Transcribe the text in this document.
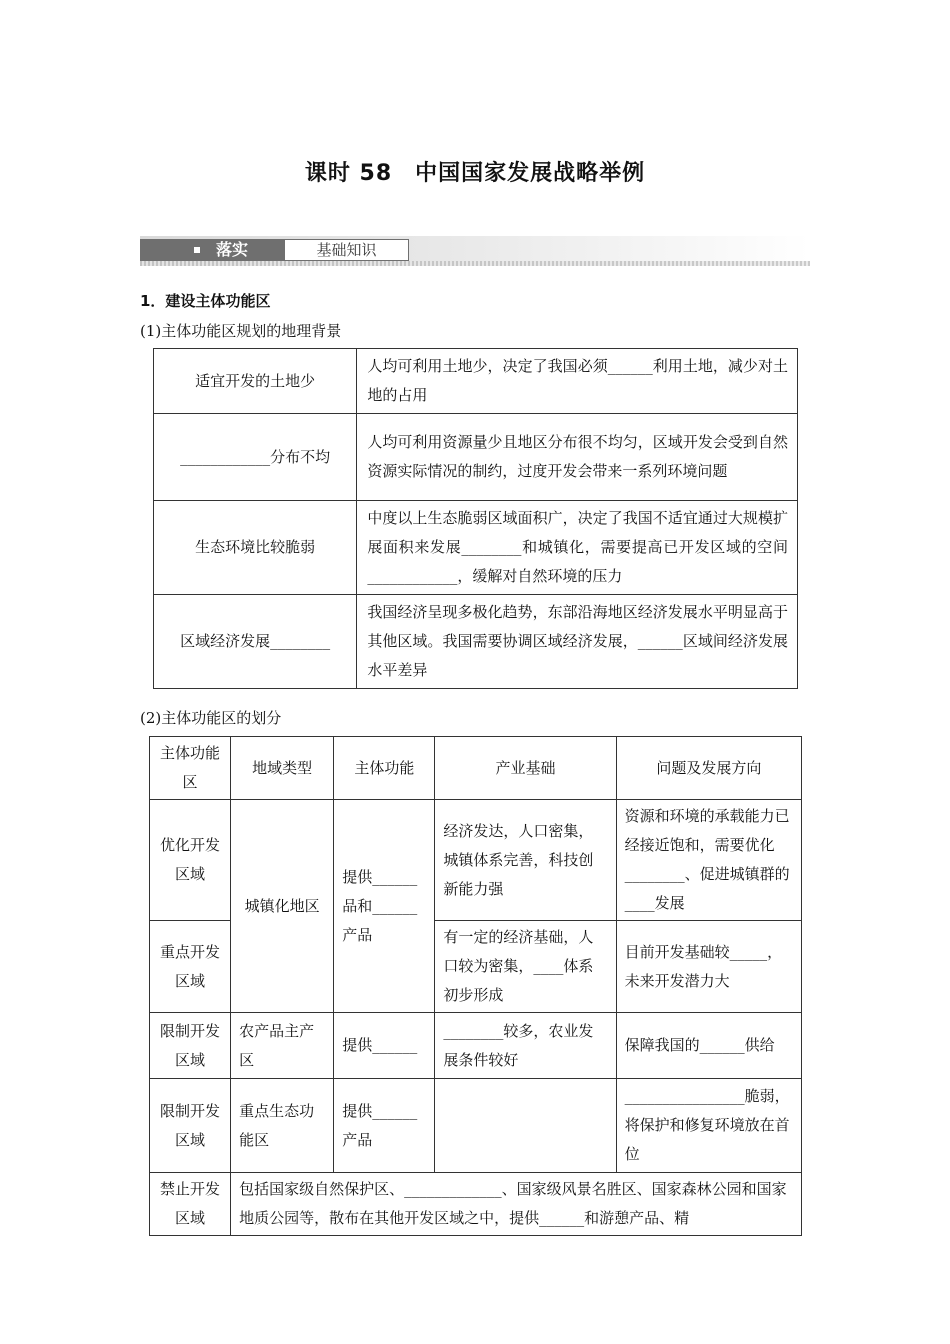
课时 58　中国国家发展战略举例
落实	基础知识
1．建设主体功能区
(1)主体功能区规划的地理背景
适宜开发的土地少	人均可利用土地少，决定了我国必须______利用土地，减少对土地的占用
____________分布不均	人均可利用资源量少且地区分布很不均匀，区域开发会受到自然资源实际情况的制约，过度开发会带来一系列环境问题
生态环境比较脆弱	中度以上生态脆弱区域面积广，决定了我国不适宜通过大规模扩展面积来发展________和城镇化，需要提高已开发区域的空间____________，缓解对自然环境的压力
区域经济发展________	我国经济呈现多极化趋势，东部沿海地区经济发展水平明显高于其他区域。我国需要协调区域经济发展，______区域间经济发展水平差异
(2)主体功能区的划分
主体功能区	地域类型	主体功能	产业基础	问题及发展方向
优化开发区域	城镇化地区	提供______品和______产品	经济发达，人口密集，城镇体系完善，科技创新能力强	资源和环境的承载能力已经接近饱和，需要优化________、促进城镇群的____发展
重点开发区域			有一定的经济基础，人口较为密集，____体系初步形成	目前开发基础较_____，未来开发潜力大
限制开发区域	农产品主产区	提供______	________较多，农业发展条件较好	保障我国的______供给
限制开发区域	重点生态功能区	提供______产品		________________脆弱，将保护和修复环境放在首位
禁止开发区域	包括国家级自然保护区、_____________、国家级风景名胜区、国家森林公园和国家地质公园等，散布在其他开发区域之中，提供______和游憩产品、精			
